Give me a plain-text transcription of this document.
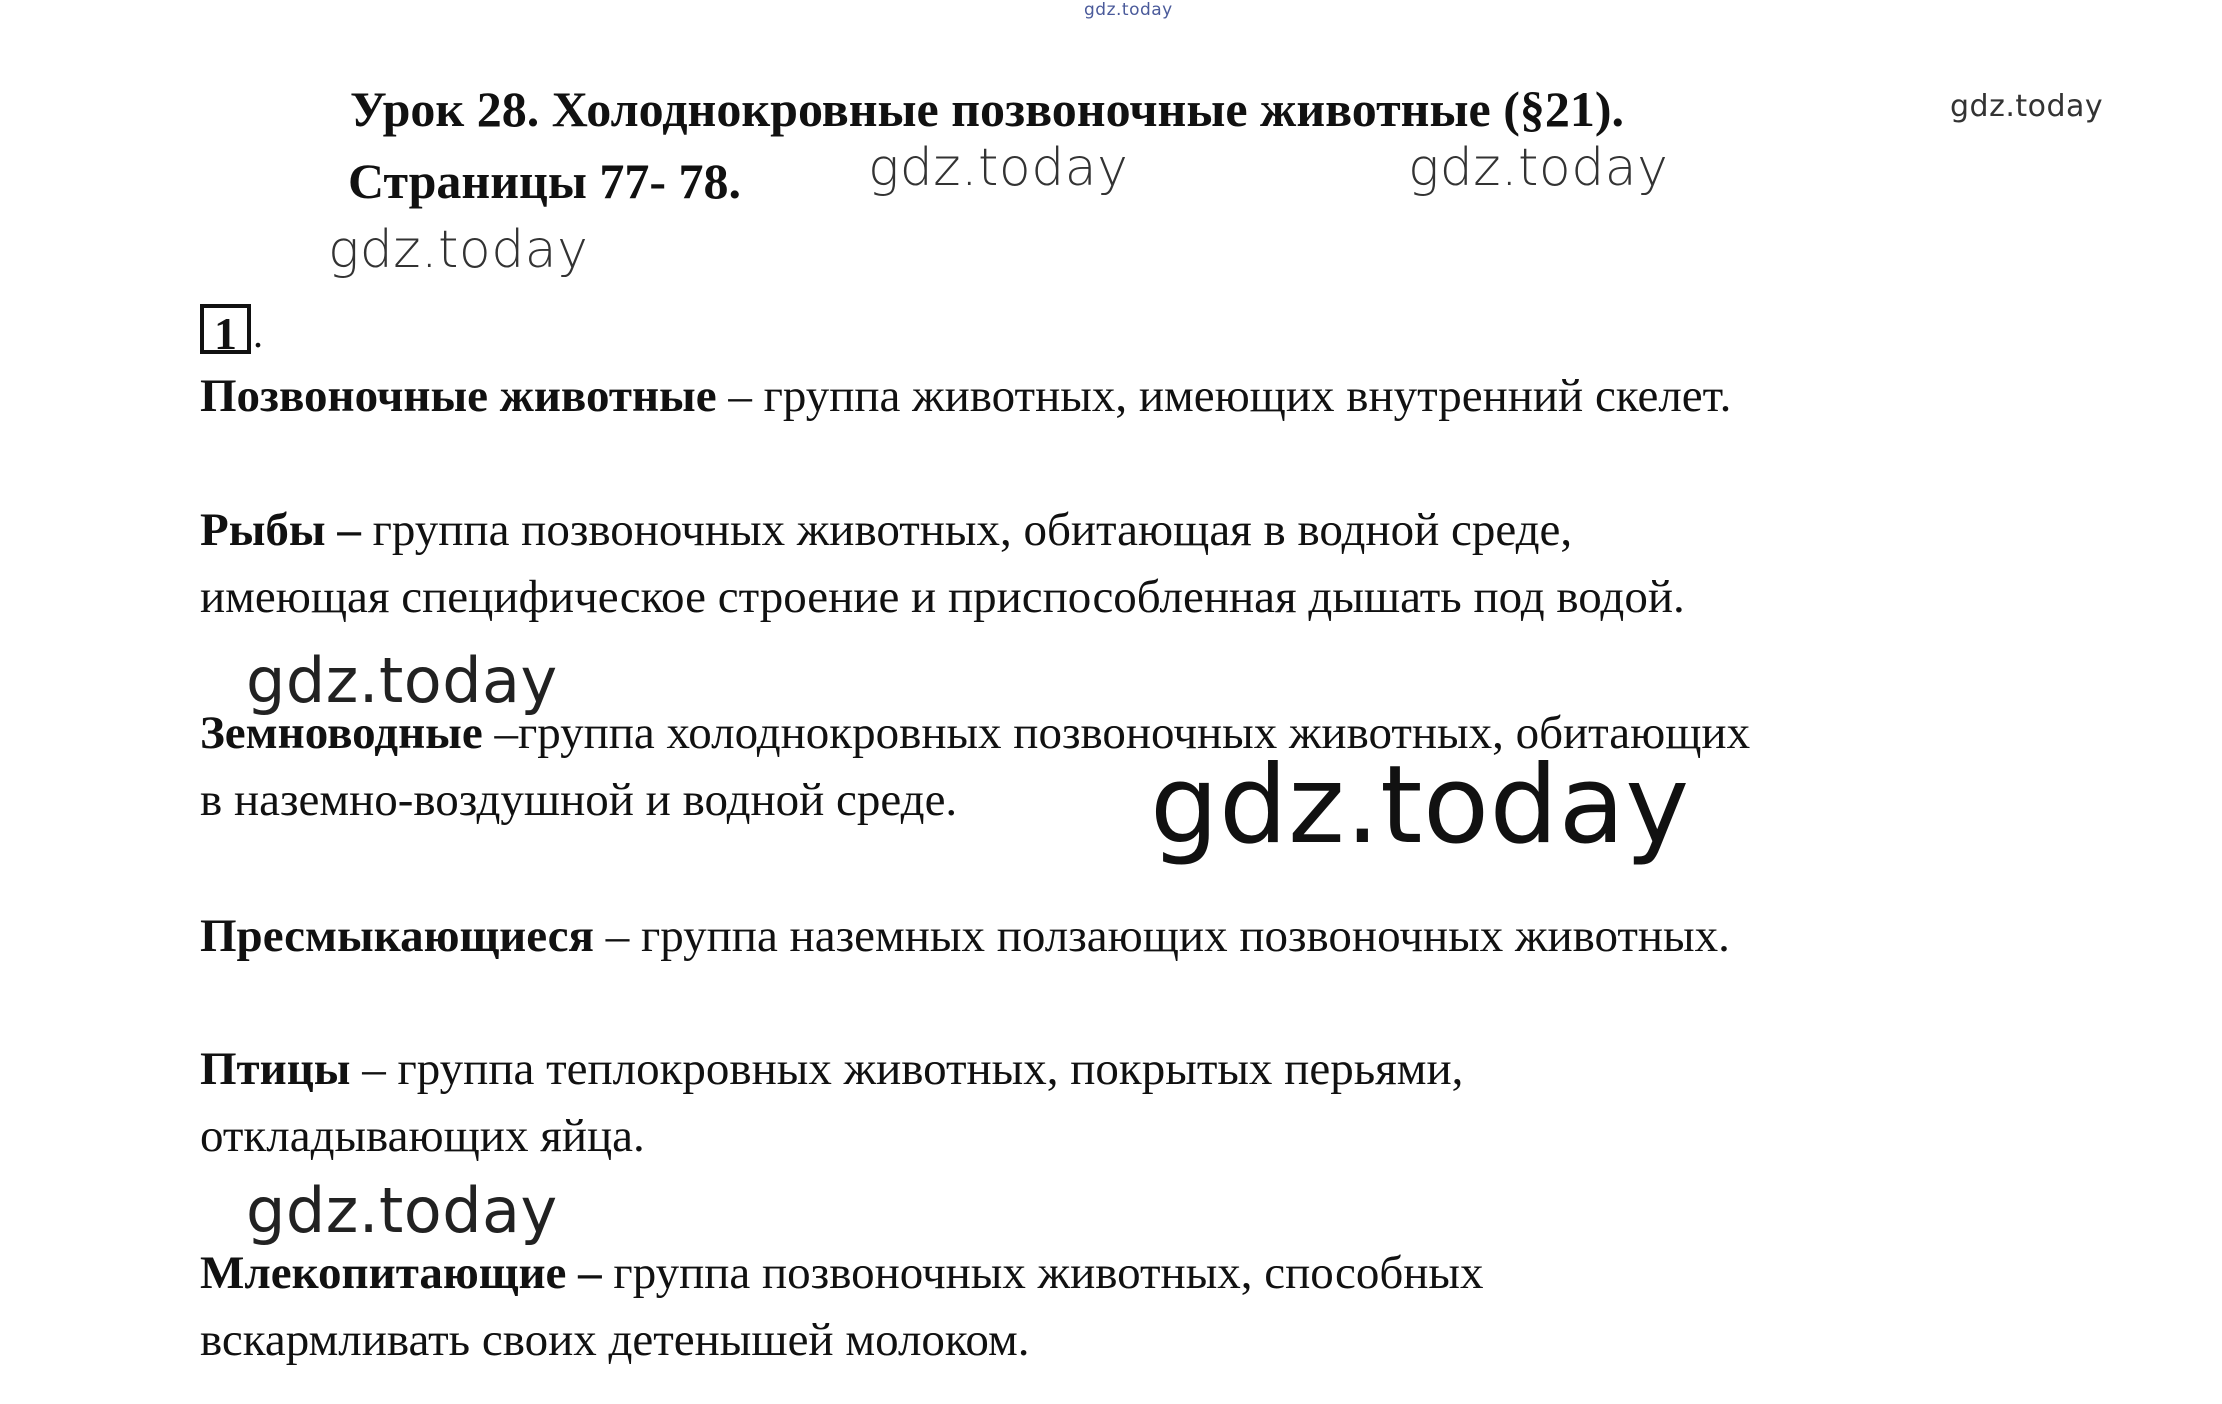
gdz.today
gdz.today
gdz.today	gdz.today
gdz.today
Урок 28. Холоднокровные позвоночные животные (§21).
Страницы 77- 78.
1 .
Позвоночные животные – группа животных, имеющих внутренний скелет.
Рыбы – группа позвоночных животных, обитающая в водной среде,
имеющая специфическое строение и приспособленная дышать под водой.
gdz.today
Земноводные –группа холоднокровных позвоночных животных, обитающих
в наземно-воздушной и водной среде.	gdz.today
Пресмыкающиеся – группа наземных ползающих позвоночных животных.
Птицы – группа теплокровных животных, покрытых перьями,
откладывающих яйца.
gdz.today
Млекопитающие – группа позвоночных животных, способных
вскармливать своих детенышей молоком.
